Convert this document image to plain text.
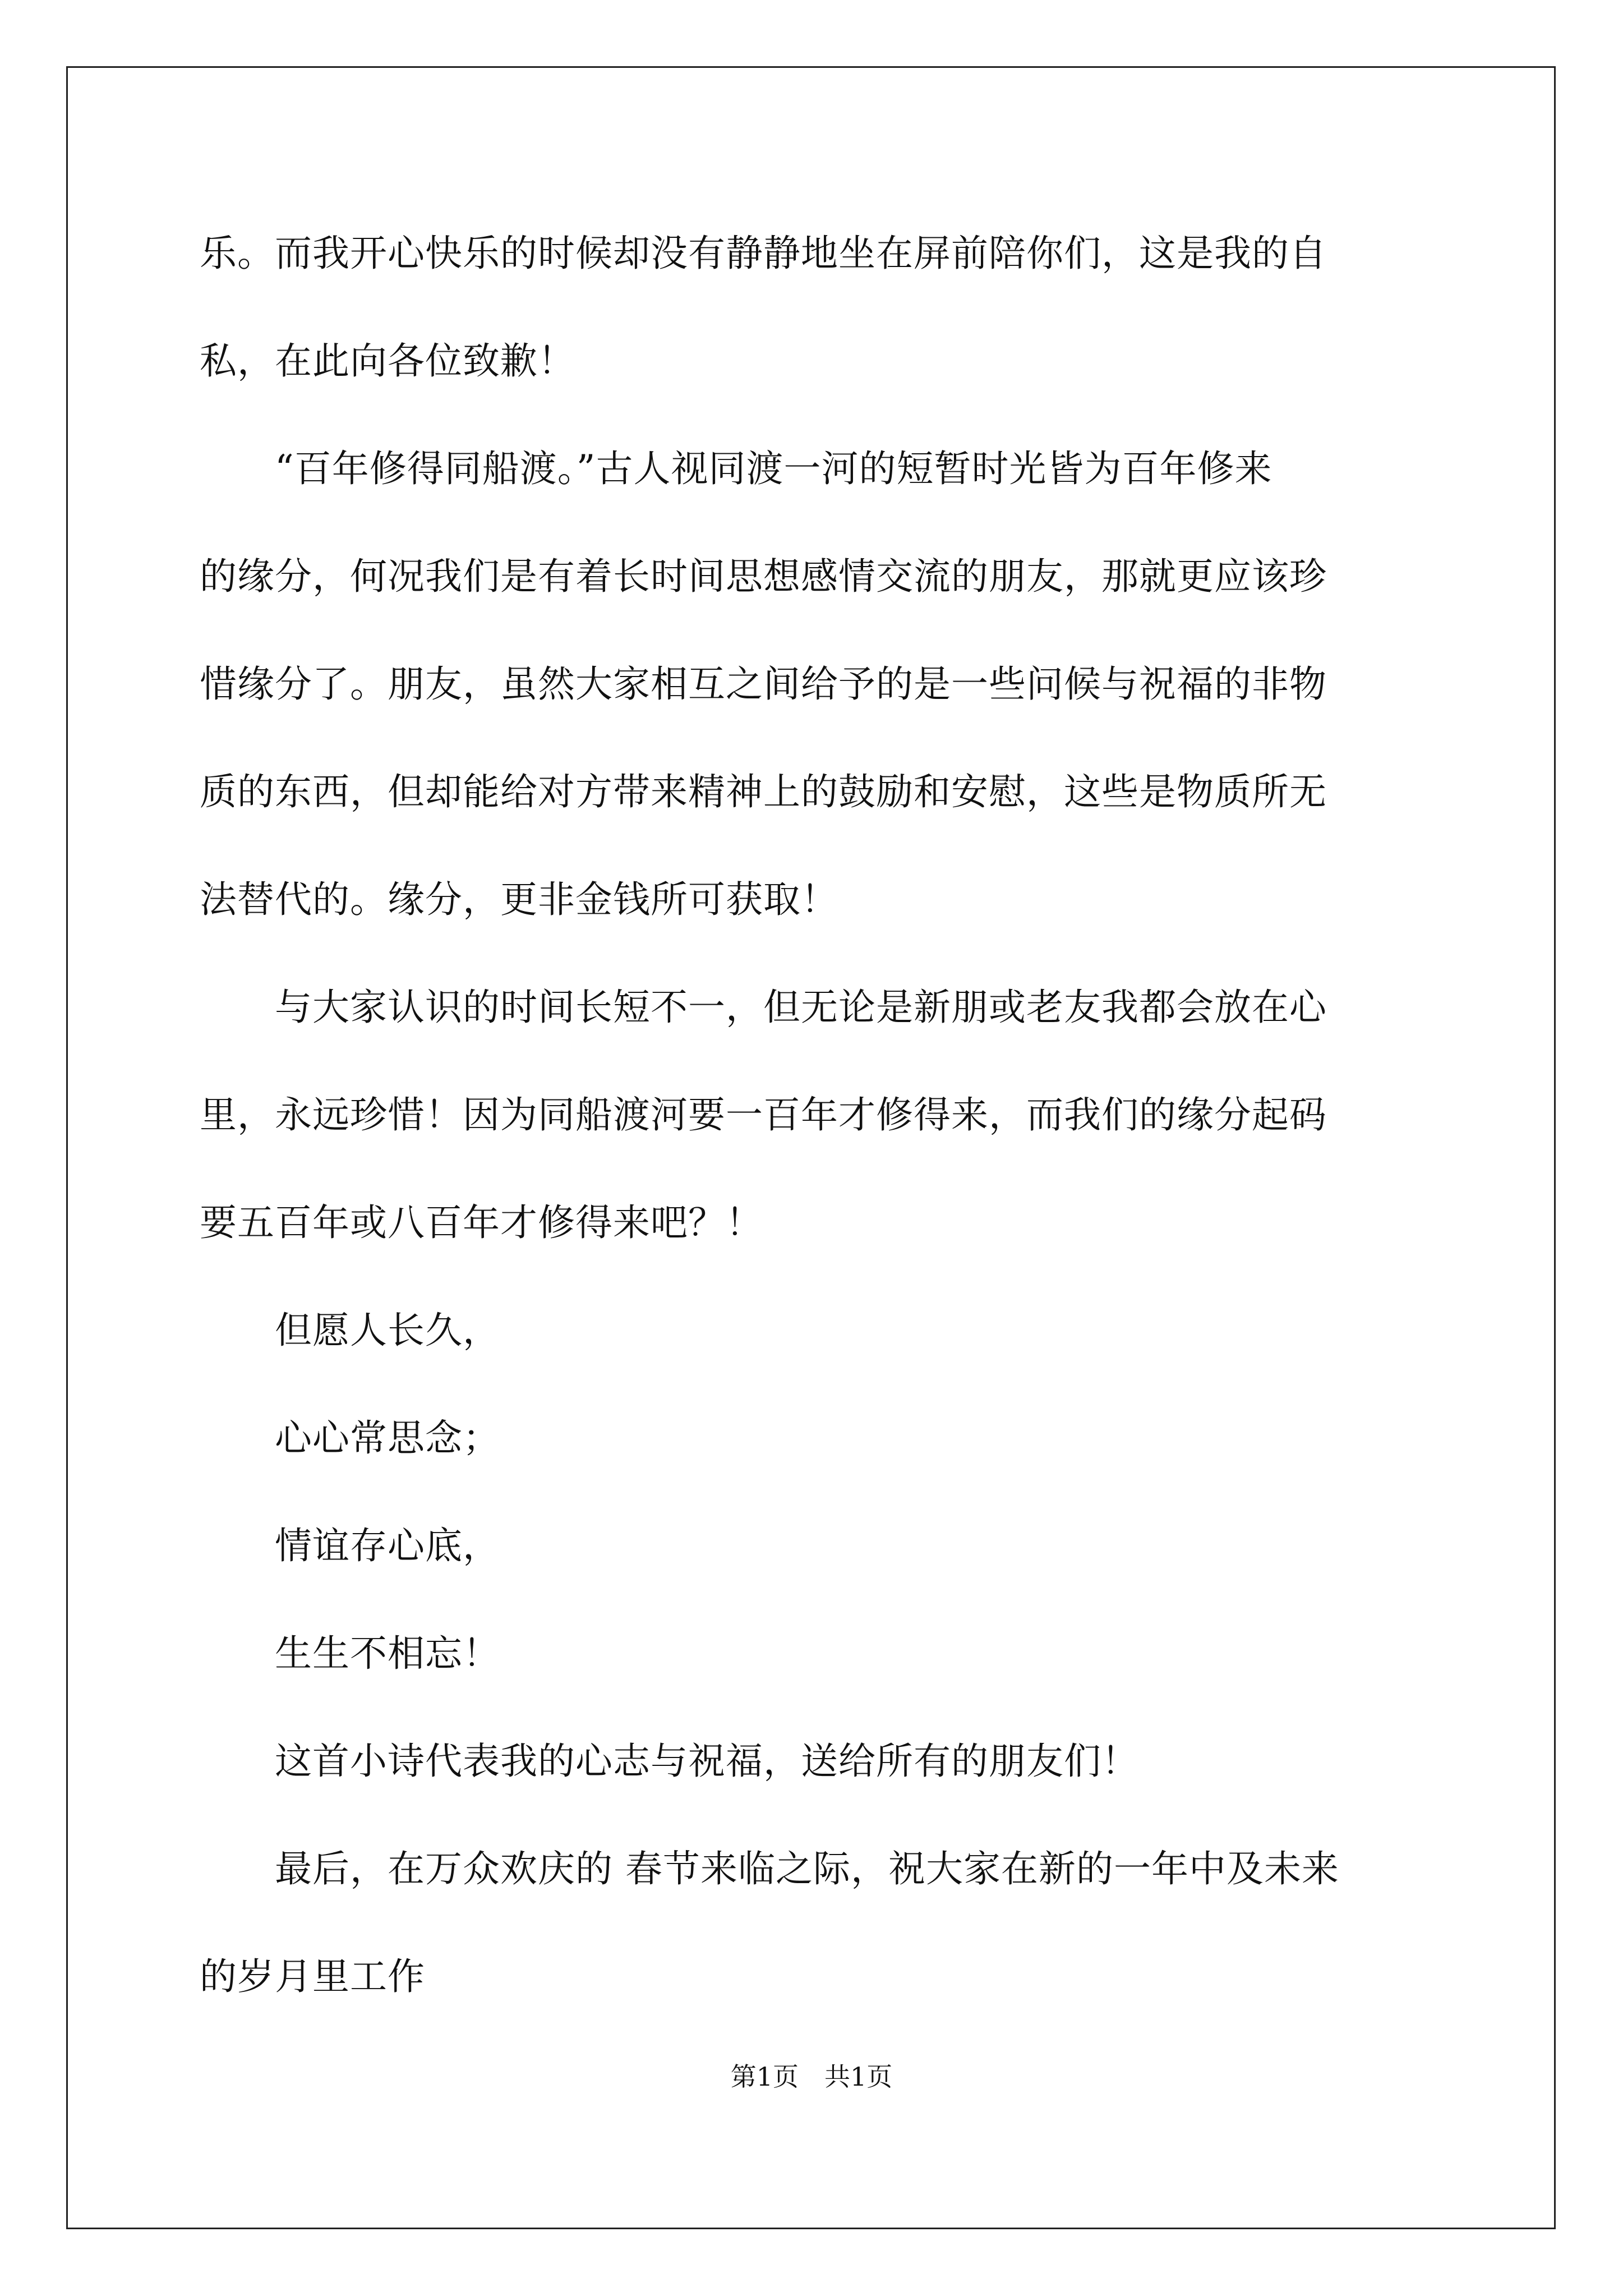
乐。而我开心快乐的时候却没有静静地坐在屏前陪你们，这是我的自
私，在此向各位致歉！
　　“百年修得同船渡。”古人视同渡一河的短暂时光皆为百年修来
的缘分，何况我们是有着长时间思想感情交流的朋友，那就更应该珍
惜缘分了。朋友，虽然大家相互之间给予的是一些问候与祝福的非物
质的东西，但却能给对方带来精神上的鼓励和安慰，这些是物质所无
法替代的。缘分，更非金钱所可获取！
　　与大家认识的时间长短不一，但无论是新朋或老友我都会放在心
里，永远珍惜！因为同船渡河要一百年才修得来，而我们的缘分起码
要五百年或八百年才修得来吧？！
　　但愿人长久，
　　心心常思念；
　　情谊存心底，
　　生生不相忘！
　　这首小诗代表我的心志与祝福，送给所有的朋友们！
　　最后，在万众欢庆的 春节来临之际，祝大家在新的一年中及未来
的岁月里工作
第1页　共1页
